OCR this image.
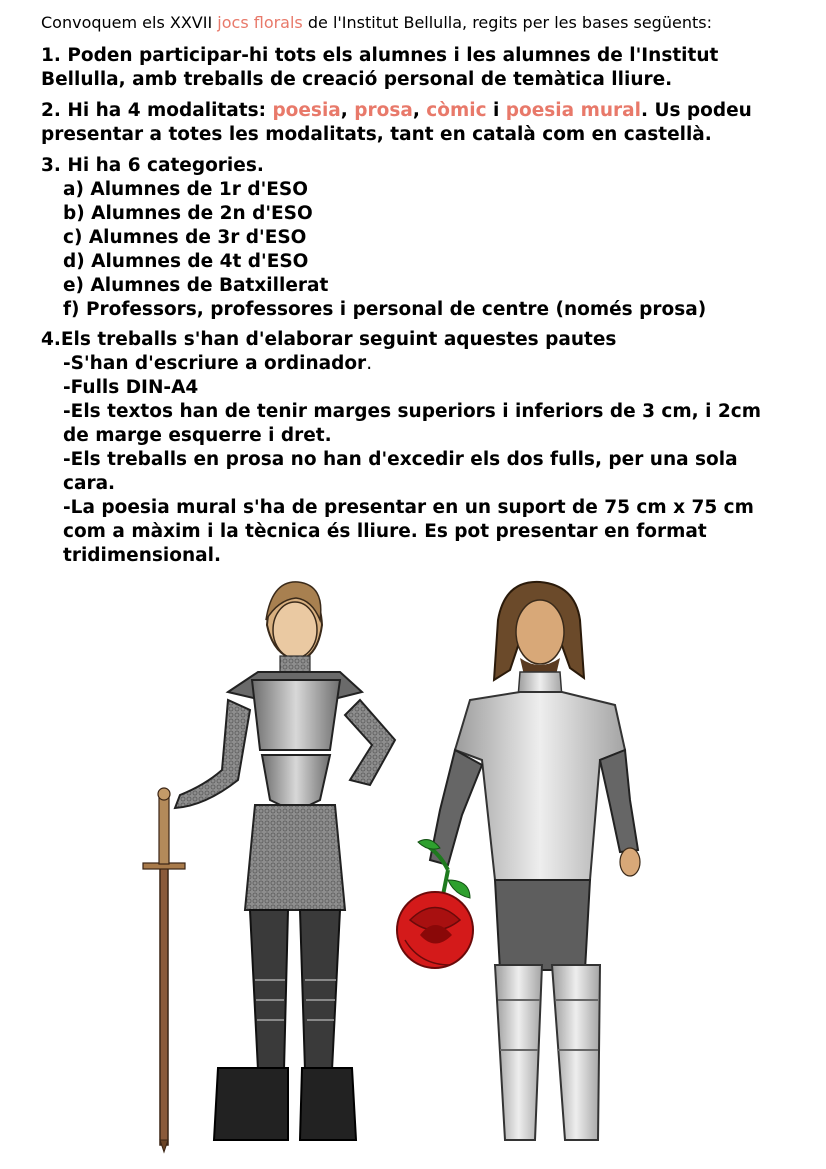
Convoquem els XXVII jocs florals de l'Institut Bellulla, regits per les bases següents:

1. Poden participar-hi tots els alumnes i les alumnes de l'Institut

Bellulla, amb treballs de creació personal de temàtica lliure.

2. Hi ha 4 modalitats: poesia, prosa, còmic i poesia mural. Us podeu

presentar a totes les modalitats, tant en català com en castellà.

3. Hi ha 6 categories.

a) Alumnes de 1r d'ESO

b) Alumnes de 2n d'ESO

c) Alumnes de 3r d'ESO

d) Alumnes de 4t d'ESO

e) Alumnes de Batxillerat

f) Professors, professores i personal de centre (només prosa)

4.Els treballs s'han d'elaborar seguint aquestes pautes

-S'han d'escriure a ordinador.

-Fulls DIN-A4

-Els textos han de tenir marges superiors i inferiors de 3 cm, i 2cm

de marge esquerre i dret.

-Els treballs en prosa no han d'excedir els dos fulls, per una sola

cara.

-La poesia mural s'ha de presentar en un suport de 75 cm x 75 cm

com a màxim i la tècnica és lliure. Es pot presentar en format

tridimensional.
